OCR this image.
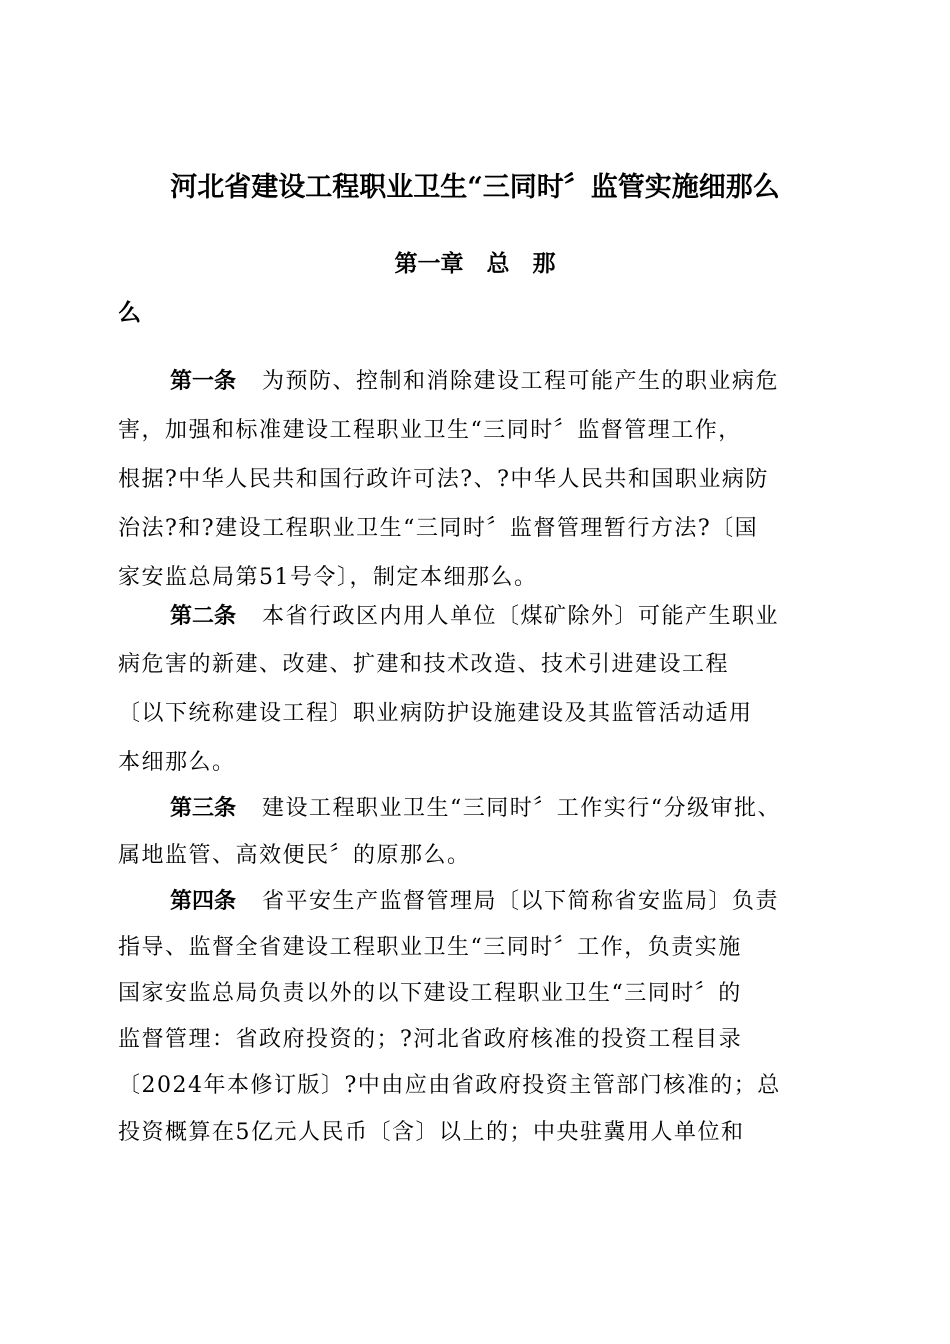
河北省建设工程职业卫生“三同时〞监管实施细那么
第一章　总　那
么

第一条 为预防、控制和消除建设工程可能产生的职业病危

害，加强和标准建设工程职业卫生“三同时〞监督管理工作，

根据?中华人民共和国行政许可法?、?中华人民共和国职业病防

治法?和?建设工程职业卫生“三同时〞监督管理暂行方法?〔国

家安监总局第51号令〕，制定本细那么。

第二条 本省行政区内用人单位〔煤矿除外〕可能产生职业

病危害的新建、改建、扩建和技术改造、技术引进建设工程

〔以下统称建设工程〕职业病防护设施建设及其监管活动适用

本细那么。

第三条 建设工程职业卫生“三同时〞工作实行“分级审批、

属地监管、高效便民〞的原那么。

第四条 省平安生产监督管理局〔以下简称省安监局〕负责

指导、监督全省建设工程职业卫生“三同时〞工作，负责实施

国家安监总局负责以外的以下建设工程职业卫生“三同时〞的

监督管理：省政府投资的；?河北省政府核准的投资工程目录

〔2024年本修订版〕?中由应由省政府投资主管部门核准的；总

投资概算在5亿元人民币〔含〕以上的；中央驻冀用人单位和
